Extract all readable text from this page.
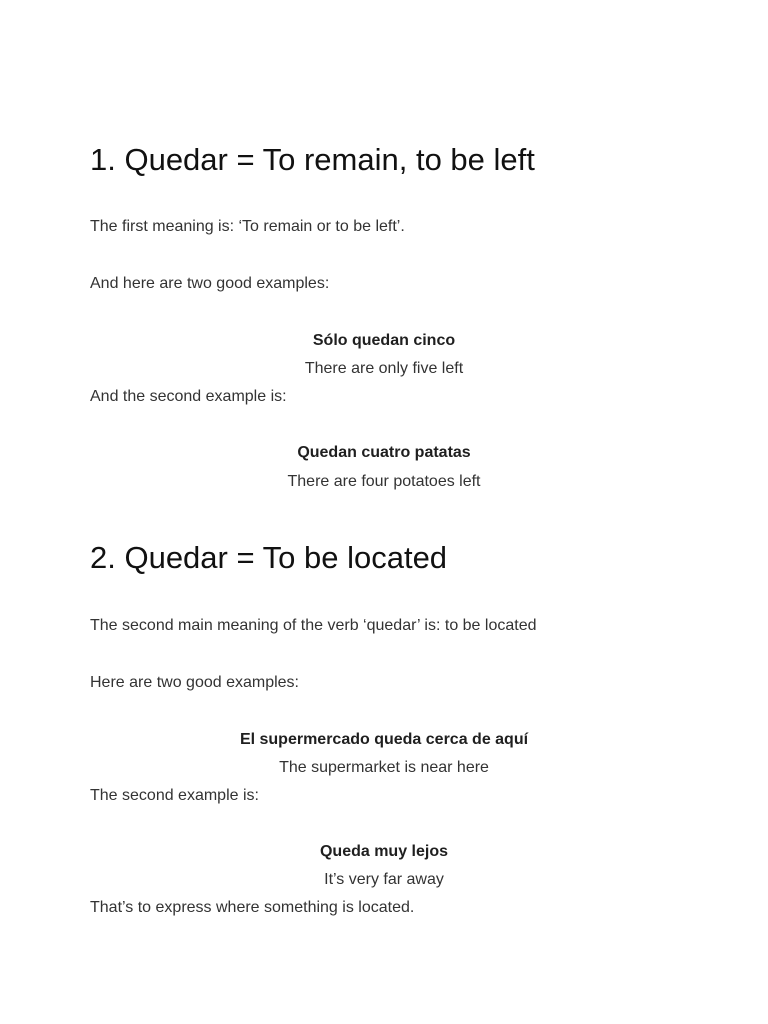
1. Quedar = To remain, to be left

The first meaning is: ‘To remain or to be left’.

And here are two good examples:

Sólo quedan cinco

There are only five left

And the second example is:

Quedan cuatro patatas

There are four potatoes left

2. Quedar = To be located

The second main meaning of the verb ‘quedar’ is: to be located

Here are two good examples:

El supermercado queda cerca de aquí

The supermarket is near here

The second example is:

Queda muy lejos

It’s very far away

That’s to express where something is located.
